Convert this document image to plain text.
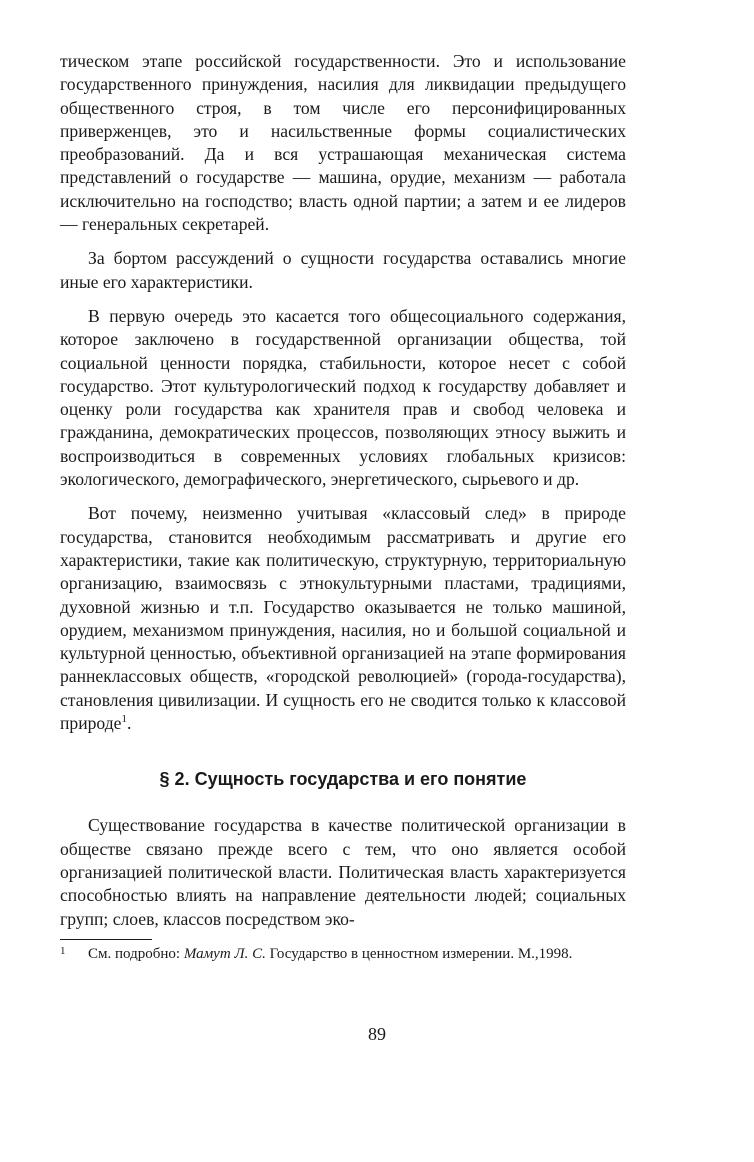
тическом этапе российской государственности. Это и использование государственного принуждения, насилия для ликвидации предыдущего общественного строя, в том числе его персонифицированных приверженцев, это и насильственные формы социалистических преобразований. Да и вся устрашающая механическая система представлений о государстве — машина, орудие, механизм — работала исключительно на господство; власть одной партии; а затем и ее лидеров — генеральных секретарей.

За бортом рассуждений о сущности государства оставались многие иные его характеристики.

В первую очередь это касается того общесоциального содержания, которое заключено в государственной организации общества, той социальной ценности порядка, стабильности, которое несет с собой государство. Этот культурологический подход к государству добавляет и оценку роли государства как хранителя прав и свобод человека и гражданина, демократических процессов, позволяющих этносу выжить и воспроизводиться в современных условиях глобальных кризисов: экологического, демографического, энергетического, сырьевого и др.

Вот почему, неизменно учитывая «классовый след» в природе государства, становится необходимым рассматривать и другие его характеристики, такие как политическую, структурную, территориальную организацию, взаимосвязь с этнокультурными пластами, традициями, духовной жизнью и т.п. Государство оказывается не только машиной, орудием, механизмом принуждения, насилия, но и большой социальной и культурной ценностью, объективной организацией на этапе формирования раннеклассовых обществ, «городской революцией» (города-государства), становления цивилизации. И сущность его не сводится только к классовой природе$^1$.

§ 2. Сущность государства и его понятие

Существование государства в качестве политической организации в обществе связано прежде всего с тем, что оно является особой организацией политической власти. Политическая власть характеризуется способностью влиять на направление деятельности людей; социальных групп; слоев, классов посредством эко-

1 См. подробно: Мамут Л. С. Государство в ценностном измерении. М.,1998.

89
